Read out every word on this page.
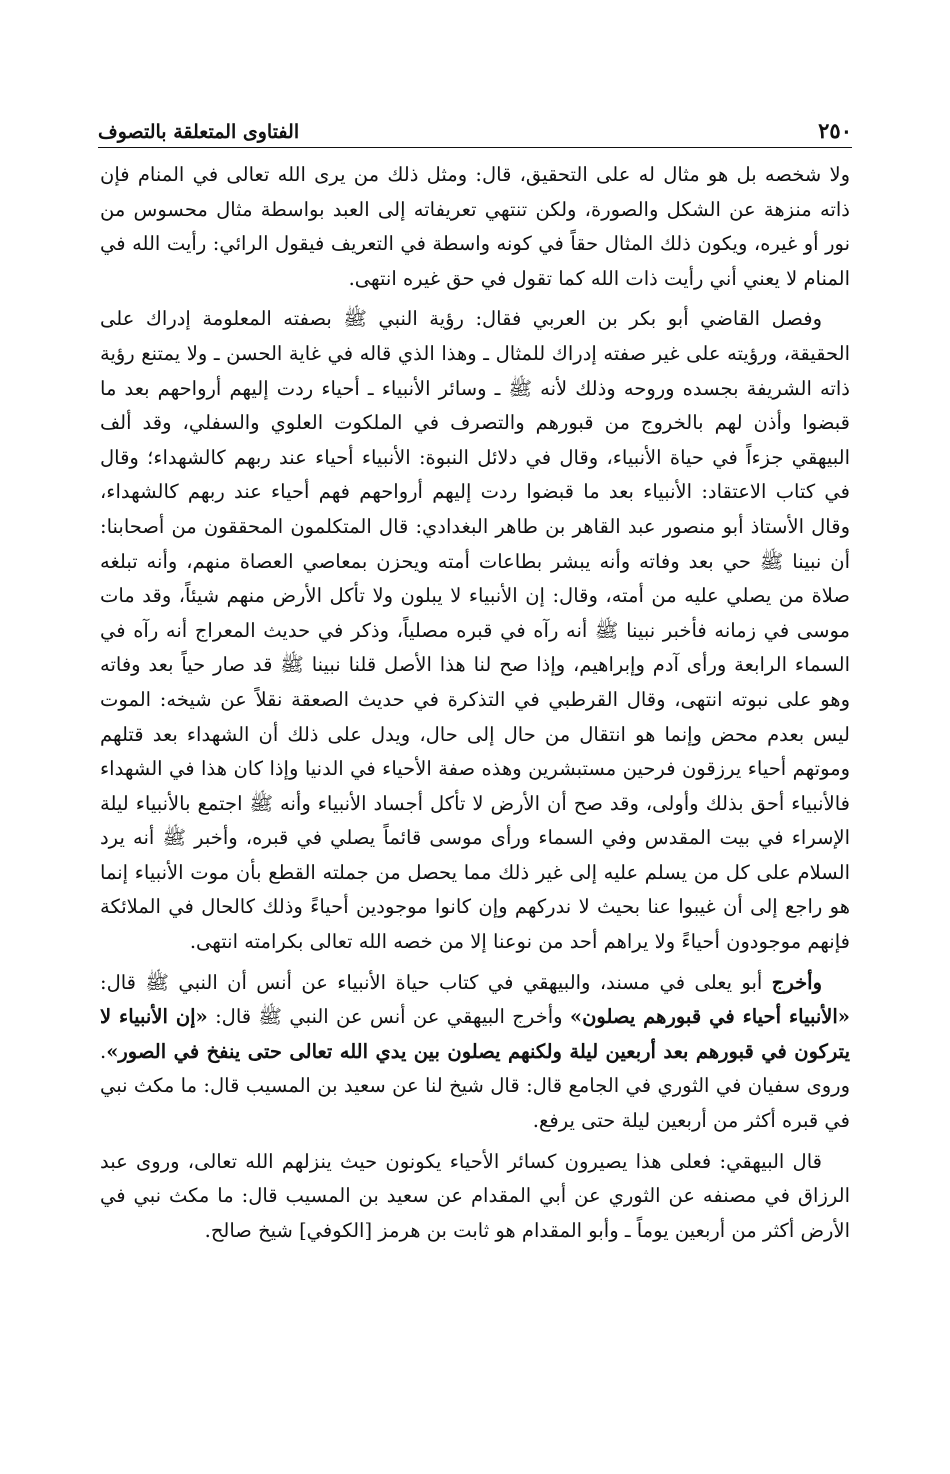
٢٥٠
الفتاوى المتعلقة بالتصوف

ولا شخصه بل هو مثال له على التحقيق، قال: ومثل ذلك من يرى الله تعالى في المنام فإن ذاته منزهة عن الشكل والصورة، ولكن تنتهي تعريفاته إلى العبد بواسطة مثال محسوس من نور أو غيره، ويكون ذلك المثال حقاً في كونه واسطة في التعريف فيقول الرائي: رأيت الله في المنام لا يعني أني رأيت ذات الله كما تقول في حق غيره انتهى.

وفصل القاضي أبو بكر بن العربي فقال: رؤية النبي ﷺ بصفته المعلومة إدراك على الحقيقة، ورؤيته على غير صفته إدراك للمثال ـ وهذا الذي قاله في غاية الحسن ـ ولا يمتنع رؤية ذاته الشريفة بجسده وروحه وذلك لأنه ﷺ ـ وسائر الأنبياء ـ أحياء ردت إليهم أرواحهم بعد ما قبضوا وأذن لهم بالخروج من قبورهم والتصرف في الملكوت العلوي والسفلي، وقد ألف البيهقي جزءاً في حياة الأنبياء، وقال في دلائل النبوة: الأنبياء أحياء عند ربهم كالشهداء؛ وقال في كتاب الاعتقاد: الأنبياء بعد ما قبضوا ردت إليهم أرواحهم فهم أحياء عند ربهم كالشهداء، وقال الأستاذ أبو منصور عبد القاهر بن طاهر البغدادي: قال المتكلمون المحققون من أصحابنا: أن نبينا ﷺ حي بعد وفاته وأنه يبشر بطاعات أمته ويحزن بمعاصي العصاة منهم، وأنه تبلغه صلاة من يصلي عليه من أمته، وقال: إن الأنبياء لا يبلون ولا تأكل الأرض منهم شيئاً، وقد مات موسى في زمانه فأخبر نبينا ﷺ أنه رآه في قبره مصلياً، وذكر في حديث المعراج أنه رآه في السماء الرابعة ورأى آدم وإبراهيم، وإذا صح لنا هذا الأصل قلنا نبينا ﷺ قد صار حياً بعد وفاته وهو على نبوته انتهى، وقال القرطبي في التذكرة في حديث الصعقة نقلاً عن شيخه: الموت ليس بعدم محض وإنما هو انتقال من حال إلى حال، ويدل على ذلك أن الشهداء بعد قتلهم وموتهم أحياء يرزقون فرحين مستبشرين وهذه صفة الأحياء في الدنيا وإذا كان هذا في الشهداء فالأنبياء أحق بذلك وأولى، وقد صح أن الأرض لا تأكل أجساد الأنبياء وأنه ﷺ اجتمع بالأنبياء ليلة الإسراء في بيت المقدس وفي السماء ورأى موسى قائماً يصلي في قبره، وأخبر ﷺ أنه يرد السلام على كل من يسلم عليه إلى غير ذلك مما يحصل من جملته القطع بأن موت الأنبياء إنما هو راجع إلى أن غيبوا عنا بحيث لا ندركهم وإن كانوا موجودين أحياءً وذلك كالحال في الملائكة فإنهم موجودون أحياءً ولا يراهم أحد من نوعنا إلا من خصه الله تعالى بكرامته انتهى.

وأخرج أبو يعلى في مسند، والبيهقي في كتاب حياة الأنبياء عن أنس أن النبي ﷺ قال: «الأنبياء أحياء في قبورهم يصلون» وأخرج البيهقي عن أنس عن النبي ﷺ قال: «إن الأنبياء لا يتركون في قبورهم بعد أربعين ليلة ولكنهم يصلون بين يدي الله تعالى حتى ينفخ في الصور». وروى سفيان في الثوري في الجامع قال: قال شيخ لنا عن سعيد بن المسيب قال: ما مكث نبي في قبره أكثر من أربعين ليلة حتى يرفع.

قال البيهقي: فعلى هذا يصيرون كسائر الأحياء يكونون حيث ينزلهم الله تعالى، وروى عبد الرزاق في مصنفه عن الثوري عن أبي المقدام عن سعيد بن المسيب قال: ما مكث نبي في الأرض أكثر من أربعين يوماً ـ وأبو المقدام هو ثابت بن هرمز [الكوفي] شيخ صالح.
